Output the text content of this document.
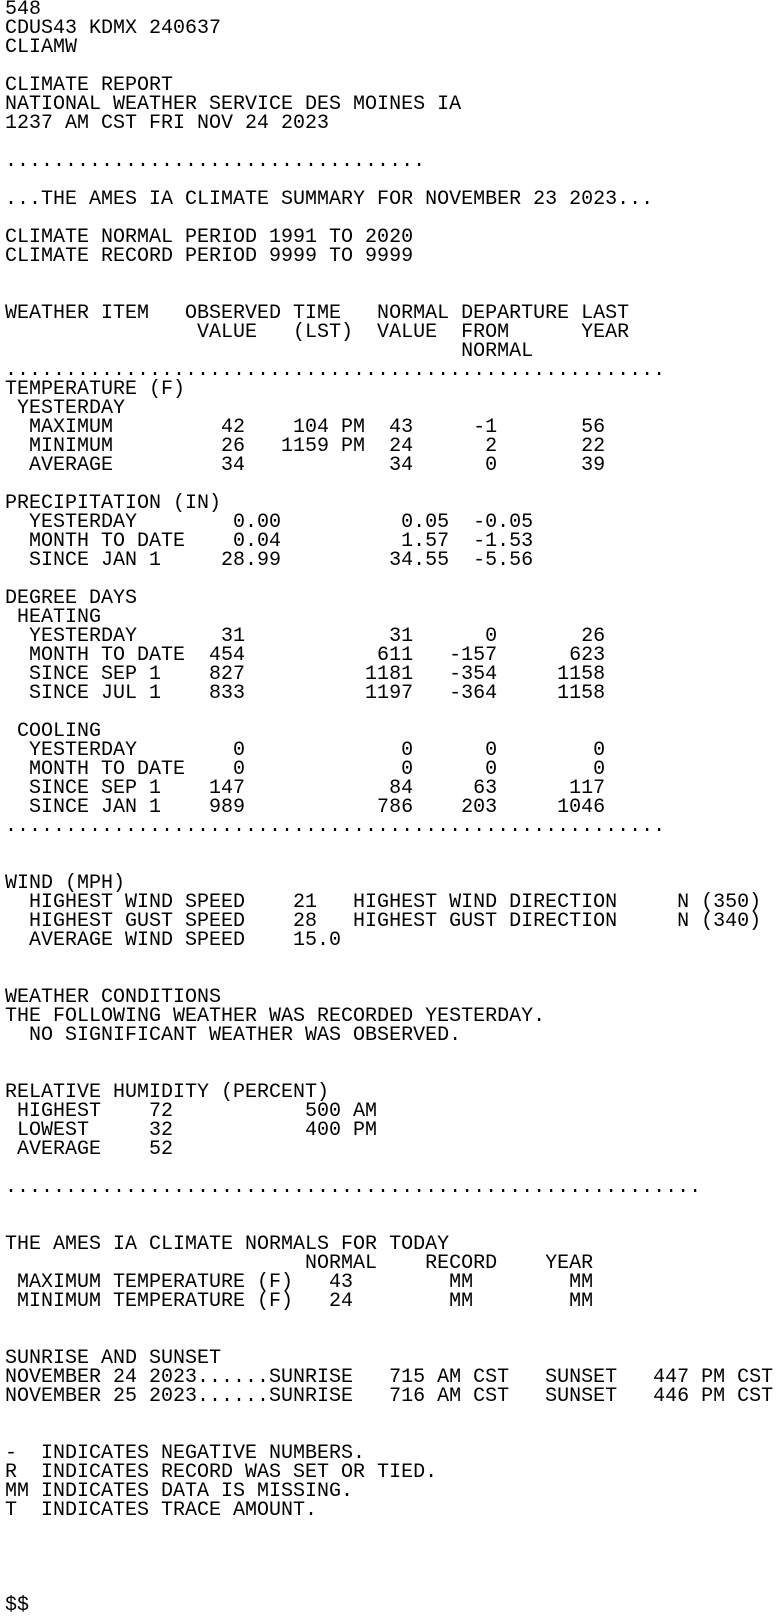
548
CDUS43 KDMX 240637
CLIAMW
CLIMATE REPORT
NATIONAL WEATHER SERVICE DES MOINES IA
1237 AM CST FRI NOV 24 2023
...................................
...THE AMES IA CLIMATE SUMMARY FOR NOVEMBER 23 2023...
CLIMATE NORMAL PERIOD 1991 TO 2020
CLIMATE RECORD PERIOD 9999 TO 9999
WEATHER ITEM   OBSERVED TIME   NORMAL DEPARTURE LAST
VALUE   (LST)  VALUE  FROM      YEAR
NORMAL
.......................................................
TEMPERATURE (F)
YESTERDAY
MAXIMUM         42    104 PM  43     -1       56
MINIMUM         26   1159 PM  24      2       22
AVERAGE         34            34      0       39
PRECIPITATION (IN)
YESTERDAY        0.00          0.05  -0.05
MONTH TO DATE    0.04          1.57  -1.53
SINCE JAN 1     28.99         34.55  -5.56
DEGREE DAYS
HEATING
YESTERDAY       31            31      0       26
MONTH TO DATE  454           611   -157      623
SINCE SEP 1    827          1181   -354     1158
SINCE JUL 1    833          1197   -364     1158
COOLING
YESTERDAY        0             0      0        0
MONTH TO DATE    0             0      0        0
SINCE SEP 1    147            84     63      117
SINCE JAN 1    989           786    203     1046
.......................................................
WIND (MPH)
HIGHEST WIND SPEED    21   HIGHEST WIND DIRECTION     N (350)
HIGHEST GUST SPEED    28   HIGHEST GUST DIRECTION     N (340)
AVERAGE WIND SPEED    15.0
WEATHER CONDITIONS
THE FOLLOWING WEATHER WAS RECORDED YESTERDAY.
NO SIGNIFICANT WEATHER WAS OBSERVED.
RELATIVE HUMIDITY (PERCENT)
HIGHEST    72           500 AM
LOWEST     32           400 PM
AVERAGE    52
..........................................................
THE AMES IA CLIMATE NORMALS FOR TODAY
NORMAL    RECORD    YEAR
MAXIMUM TEMPERATURE (F)   43        MM        MM
MINIMUM TEMPERATURE (F)   24        MM        MM
SUNRISE AND SUNSET
NOVEMBER 24 2023......SUNRISE   715 AM CST   SUNSET   447 PM CST
NOVEMBER 25 2023......SUNRISE   716 AM CST   SUNSET   446 PM CST
-  INDICATES NEGATIVE NUMBERS.
R  INDICATES RECORD WAS SET OR TIED.
MM INDICATES DATA IS MISSING.
T  INDICATES TRACE AMOUNT.
$$
